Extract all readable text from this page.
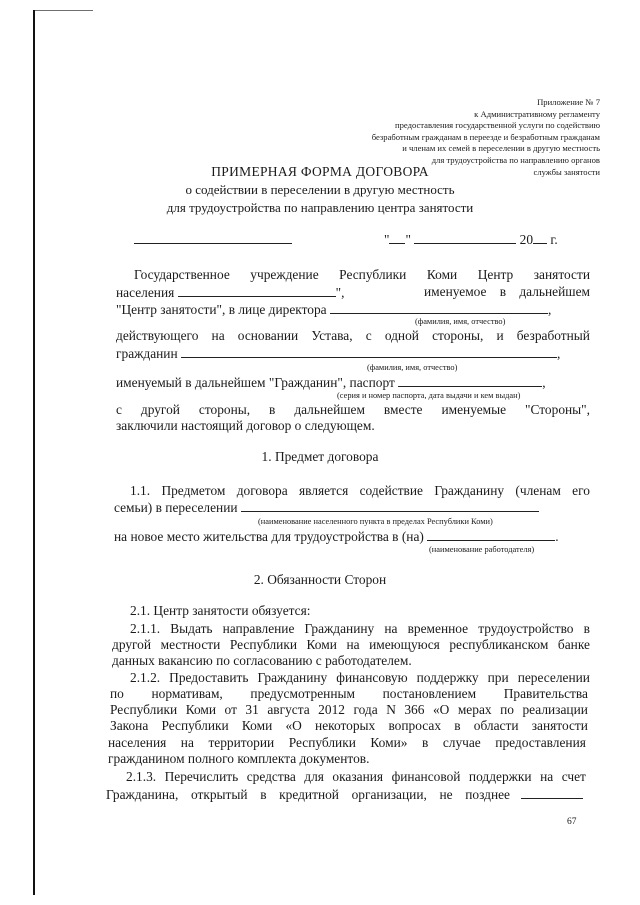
Приложение № 7
к Административному регламенту
предоставления государственной услуги по содействию
безработным гражданам в переезде и безработным гражданам
и членам их семей в переселении в другую местность
для трудоустройства по направлению органов
службы занятости
ПРИМЕРНАЯ ФОРМА ДОГОВОРА
о содействии в переселении в другую местность
для трудоустройства по направлению центра занятости
" "	20 г.
Государственное учреждение Республики Коми Центр занятости
населения	",	именуемое в дальнейшем
"Центр занятости", в лице директора	,
(фамилия, имя, отчество)
действующего на основании Устава, с одной стороны, и безработный
гражданин	,
(фамилия, имя, отчество)
именуемый в дальнейшем "Гражданин", паспорт	,
(серия и номер паспорта, дата выдачи и кем выдан)
с другой стороны, в дальнейшем вместе именуемые "Стороны",
заключили настоящий договор о следующем.
1. Предмет договора
1.1. Предметом договора является содействие Гражданину (членам его
семьи) в переселении
(наименование населенного пункта в пределах Республики Коми)
на новое место жительства для трудоустройства в (на)	.
(наименование работодателя)
2. Обязанности Сторон
2.1. Центр занятости обязуется:
2.1.1. Выдать направление Гражданину на временное трудоустройство в
другой местности Республики Коми на имеющуюся республиканском банке
данных вакансию по согласованию с работодателем.
2.1.2. Предоставить Гражданину финансовую поддержку при переселении
по нормативам, предусмотренным постановлением Правительства
Республики Коми от 31 августа 2012 года N 366 «О мерах по реализации
Закона Республики Коми «О некоторых вопросах в области занятости
населения на территории Республики Коми» в случае предоставления
гражданином полного комплекта документов.
2.1.3. Перечислить средства для оказания финансовой поддержки на счет
Гражданина, открытый в кредитной организации, не позднее

67
